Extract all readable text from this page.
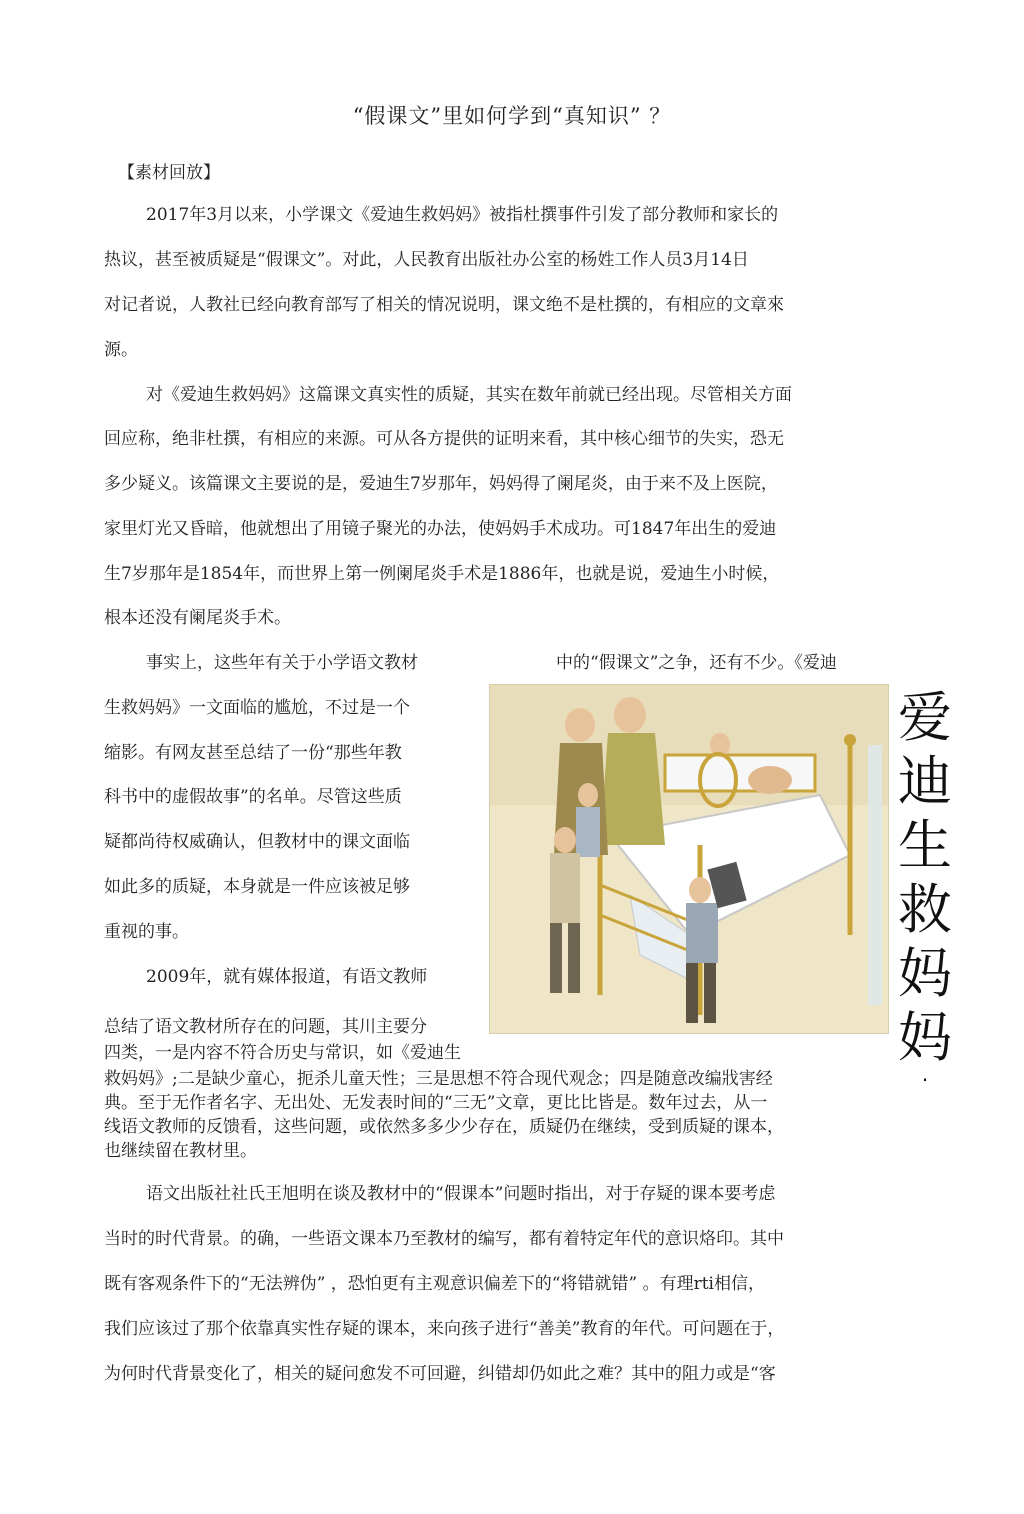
“假课文”里如何学到“真知识” ？
【素材回放】
2017年3月以来，小学课文《爱迪生救妈妈》被指杜撰事件引发了部分教师和家长的
热议，甚至被质疑是“假课文”。对此，人民教育出版社办公室的杨姓工作人员3月14日
对记者说，人教社已经向教育部写了相关的情况说明，课文绝不是杜撰的，有相应的文章來
源。
对《爱迪生救妈妈》这篇课文真实性的质疑，其实在数年前就已经出现。尽管相关方面
回应称，绝非杜撰，有相应的来源。可从各方提供的证明来看，其中核心细节的失实，恐无
多少疑义。该篇课文主要说的是，爱迪生7岁那年，妈妈得了阑尾炎，由于来不及上医院，
家里灯光又昏暗，他就想出了用镜子聚光的办法，使妈妈手术成功。可1847年出生的爱迪
生7岁那年是1854年，而世界上第一例阑尾炎手术是1886年，也就是说，爱迪生小时候，
根本还没有阑尾炎手术。
事实上，这些年有关于小学语文教材	中的“假课文”之争，还有不少。《爱迪
生救妈妈》一文面临的尴尬，不过是一个
缩影。有网友甚至总结了一份“那些年教
科书中的虚假故事”的名单。尽管这些质
疑都尚待权威确认，但教材中的课文面临
如此多的质疑，本身就是一件应该被足够
重视的事。
2009年，就有媒体报道，有语文教师
总结了语文教材所存在的问题，其川主要分
四类，一是内容不符合历史与常识，如《爱迪生
救妈妈》;二是缺少童心，扼杀儿童天性；三是思想不符合现代观念；四是随意改编戕害经
典。至于无作者名字、无出处、无发表时间的“三无”文章，更比比皆是。数年过去，从一
线语文教师的反馈看，这些问题，或依然多多少少存在，质疑仍在继续，受到质疑的课本，
也继续留在教材里。
语文出版社社氏王旭明在谈及教材中的“假课本”问题时指出，对于存疑的课本要考虑
当时的时代背景。的确，一些语文课本乃至教材的编写，都有着特定年代的意识烙印。其中
既有客观条件下的“无法辨伪” ，恐怕更有主观意识偏差下的“将错就错” 。有理rti相信，
我们应该过了那个依靠真实性存疑的课本，来向孩子进行“善美”教育的年代。可问题在于，
为何时代背景变化了，相关的疑问愈发不可回避，纠错却仍如此之难？其中的阻力或是“客
爱
迪
生
救
妈
妈
·
